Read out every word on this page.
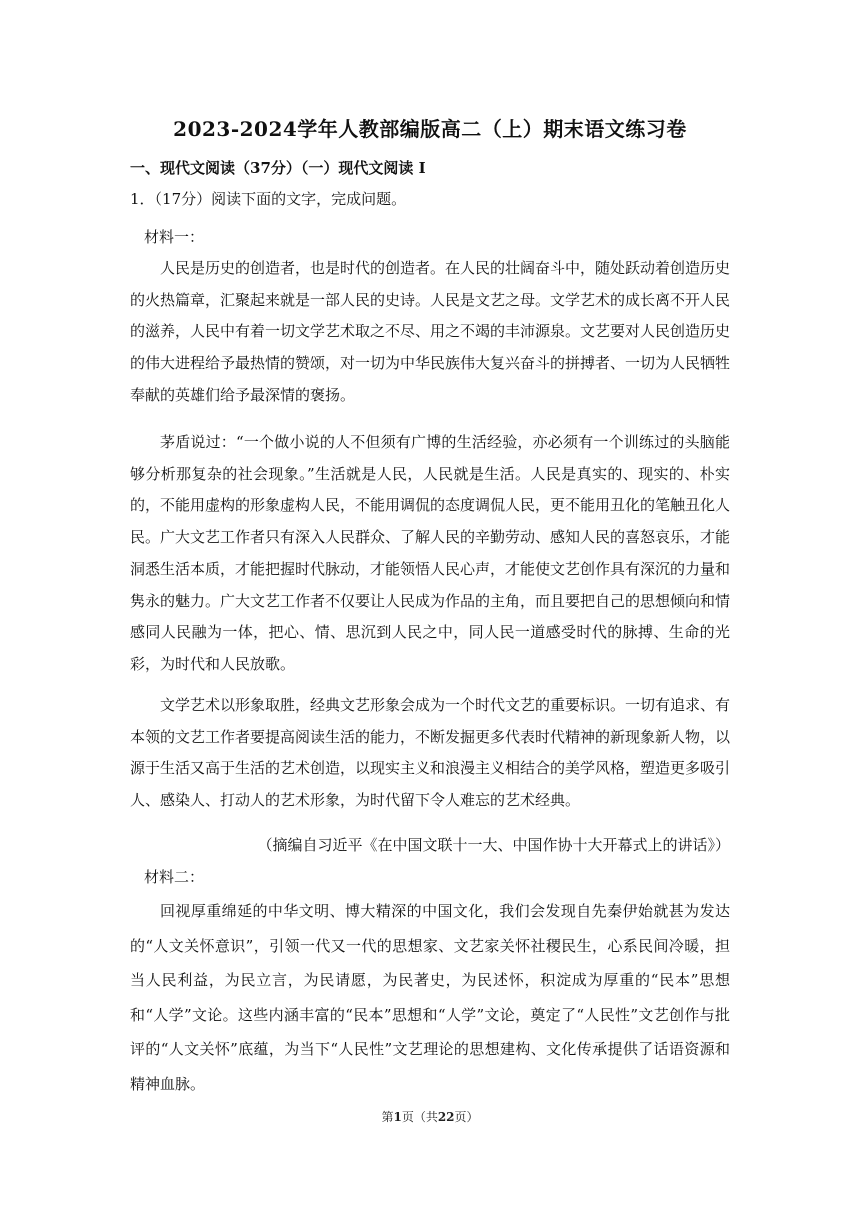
2023-2024学年人教部编版高二（上）期末语文练习卷
一、现代文阅读（37分）（一）现代文阅读 I
1．（17分）阅读下面的文字，完成问题。
材料一：

人民是历史的创造者，也是时代的创造者。在人民的壮阔奋斗中，随处跃动着创造历史的火热篇章，汇聚起来就是一部人民的史诗。人民是文艺之母。文学艺术的成长离不开人民的滋养，人民中有着一切文学艺术取之不尽、用之不竭的丰沛源泉。文艺要对人民创造历史的伟大进程给予最热情的赞颂，对一切为中华民族伟大复兴奋斗的拼搏者、一切为人民牺牲奉献的英雄们给予最深情的褒扬。

茅盾说过：“一个做小说的人不但须有广博的生活经验，亦必须有一个训练过的头脑能够分析那复杂的社会现象。”生活就是人民，人民就是生活。人民是真实的、现实的、朴实的，不能用虚构的形象虚构人民，不能用调侃的态度调侃人民，更不能用丑化的笔触丑化人民。广大文艺工作者只有深入人民群众、了解人民的辛勤劳动、感知人民的喜怒哀乐，才能洞悉生活本质，才能把握时代脉动，才能领悟人民心声，才能使文艺创作具有深沉的力量和隽永的魅力。广大文艺工作者不仅要让人民成为作品的主角，而且要把自己的思想倾向和情感同人民融为一体，把心、情、思沉到人民之中，同人民一道感受时代的脉搏、生命的光彩，为时代和人民放歌。

文学艺术以形象取胜，经典文艺形象会成为一个时代文艺的重要标识。一切有追求、有本领的文艺工作者要提高阅读生活的能力，不断发掘更多代表时代精神的新现象新人物，以源于生活又高于生活的艺术创造，以现实主义和浪漫主义相结合的美学风格，塑造更多吸引人、感染人、打动人的艺术形象，为时代留下令人难忘的艺术经典。

（摘编自习近平《在中国文联十一大、中国作协十大开幕式上的讲话》）
材料二：

回视厚重绵延的中华文明、博大精深的中国文化，我们会发现自先秦伊始就甚为发达的“人文关怀意识”，引领一代又一代的思想家、文艺家关怀社稷民生，心系民间冷暖，担当人民利益，为民立言，为民请愿，为民著史，为民述怀，积淀成为厚重的“民本”思想和“人学”文论。这些内涵丰富的“民本”思想和“人学”文论，奠定了“人民性”文艺创作与批评的“人文关怀”底蕴，为当下“人民性”文艺理论的思想建构、文化传承提供了话语资源和精神血脉。

第1页（共22页）
